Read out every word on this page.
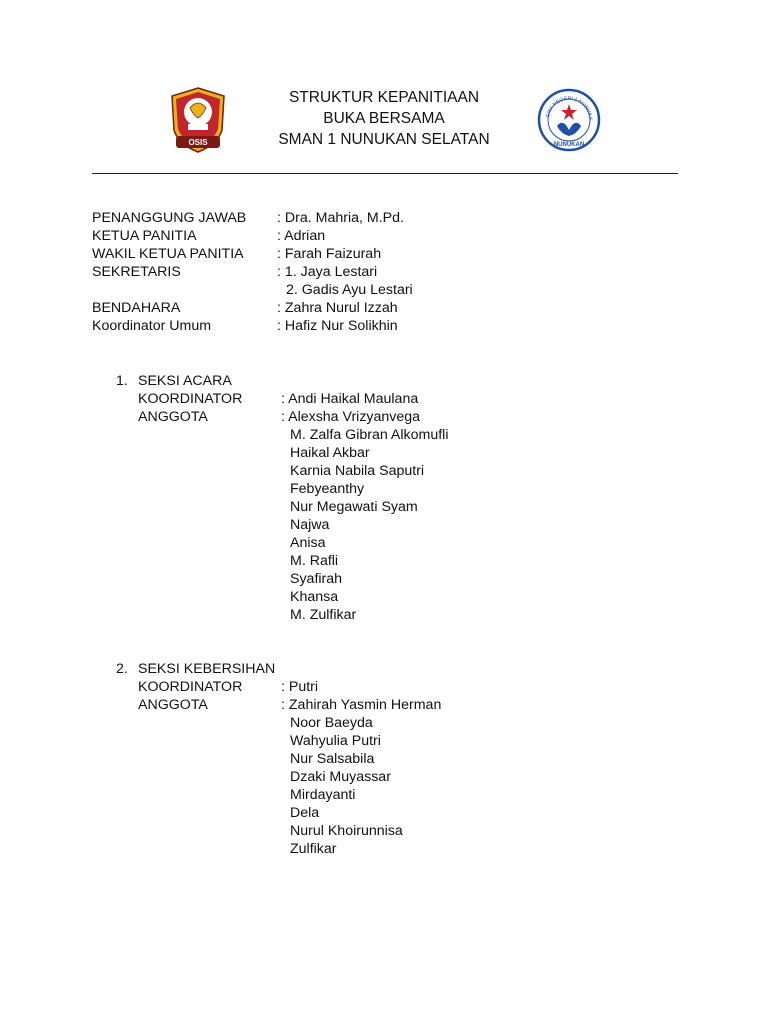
OSIS
SMA NEGERI 1 NUNUKA
NUNUKAN
STRUKTUR KEPANITIAAN
BUKA BERSAMA
SMAN 1 NUNUKAN SELATAN
PENANGGUNG JAWAB : Dra. Mahria, M.Pd.
KETUA PANITIA	: Adrian
WAKIL KETUA PANITIA : Farah Faizurah
SEKRETARIS	: 1. Jaya Lestari
2. Gadis Ayu Lestari
BENDAHARA	: Zahra Nurul Izzah
Koordinator Umum	: Hafiz Nur Solikhin
1. SEKSI ACARA
KOORDINATOR	: Andi Haikal Maulana
ANGGOTA	: Alexsha Vrizyanvega
M. Zalfa Gibran Alkomufli
Haikal Akbar
Karnia Nabila Saputri
Febyeanthy
Nur Megawati Syam
Najwa
Anisa
M. Rafli
Syafirah
Khansa
M. Zulfikar
2. SEKSI KEBERSIHAN
KOORDINATOR	: Putri
ANGGOTA	: Zahirah Yasmin Herman
Noor Baeyda
Wahyulia Putri
Nur Salsabila
Dzaki Muyassar
Mirdayanti
Dela
Nurul Khoirunnisa
Zulfikar
